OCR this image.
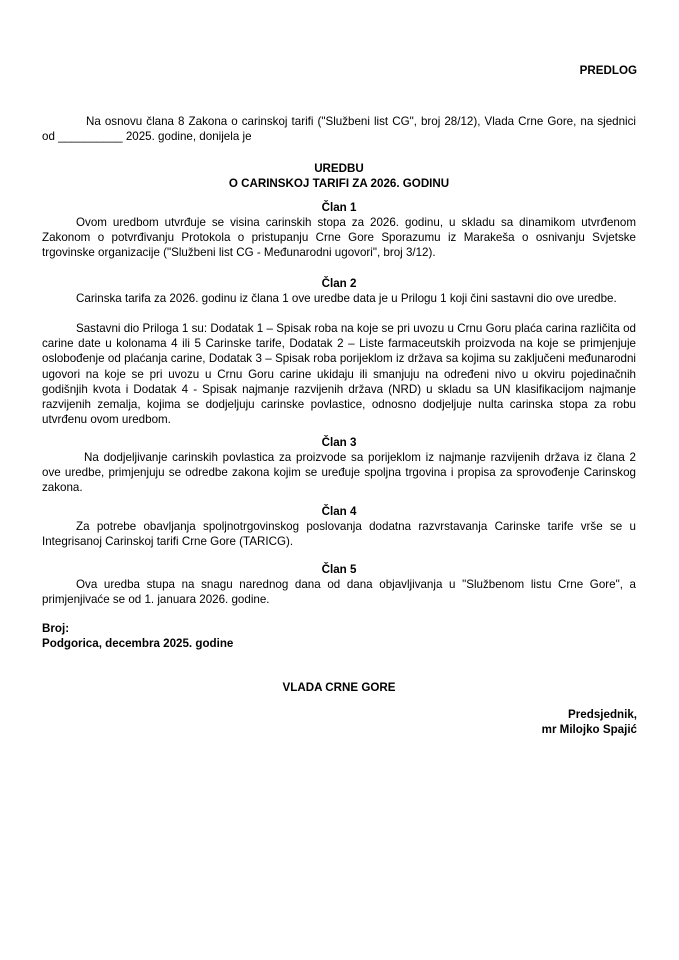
PREDLOG

Na osnovu člana 8 Zakona o carinskoj tarifi ("Službeni list CG", broj 28/12), Vlada Crne Gore, na sjednici od __________ 2025. godine, donijela je

UREDBU

O CARINSKOJ TARIFI ZA 2026. GODINU

Član 1

Ovom uredbom utvrđuje se visina carinskih stopa za 2026. godinu, u skladu sa dinamikom utvrđenom Zakonom o potvrđivanju Protokola o pristupanju Crne Gore Sporazumu iz Marakeša o osnivanju Svjetske trgovinske organizacije ("Službeni list CG - Međunarodni ugovori", broj 3/12).

Član 2

Carinska tarifa za 2026. godinu iz člana 1 ove uredbe data je u Prilogu 1 koji čini sastavni dio ove uredbe.

Sastavni dio Priloga 1 su: Dodatak 1 – Spisak roba na koje se pri uvozu u Crnu Goru plaća carina različita od carine date u kolonama 4 ili 5 Carinske tarife, Dodatak 2 – Liste farmaceutskih proizvoda na koje se primjenjuje oslobođenje od plaćanja carine, Dodatak 3 – Spisak roba porijeklom iz država sa kojima su zaključeni međunarodni ugovori na koje se pri uvozu u Crnu Goru carine ukidaju ili smanjuju na određeni nivo u okviru pojedinačnih godišnjih kvota i Dodatak 4 - Spisak najmanje razvijenih država (NRD) u skladu sa UN klasifikacijom najmanje razvijenih zemalja, kojima se dodjeljuju carinske povlastice, odnosno dodjeljuje nulta carinska stopa za robu utvrđenu ovom uredbom.

Član 3

Na dodjeljivanje carinskih povlastica za proizvode sa porijeklom iz najmanje razvijenih država iz člana 2 ove uredbe, primjenjuju se odredbe zakona kojim se uređuje spoljna trgovina i propisa za sprovođenje Carinskog zakona.

Član 4

Za potrebe obavljanja spoljnotrgovinskog poslovanja dodatna razvrstavanja Carinske tarife vrše se u Integrisanoj Carinskoj tarifi Crne Gore (TARICG).

Član 5

Ova uredba stupa na snagu narednog dana od dana objavljivanja u "Službenom listu Crne Gore", a primjenjivaće se od 1. januara 2026. godine.

Broj:

Podgorica, decembra 2025. godine

VLADA CRNE GORE

Predsjednik,

mr Milojko Spajić
